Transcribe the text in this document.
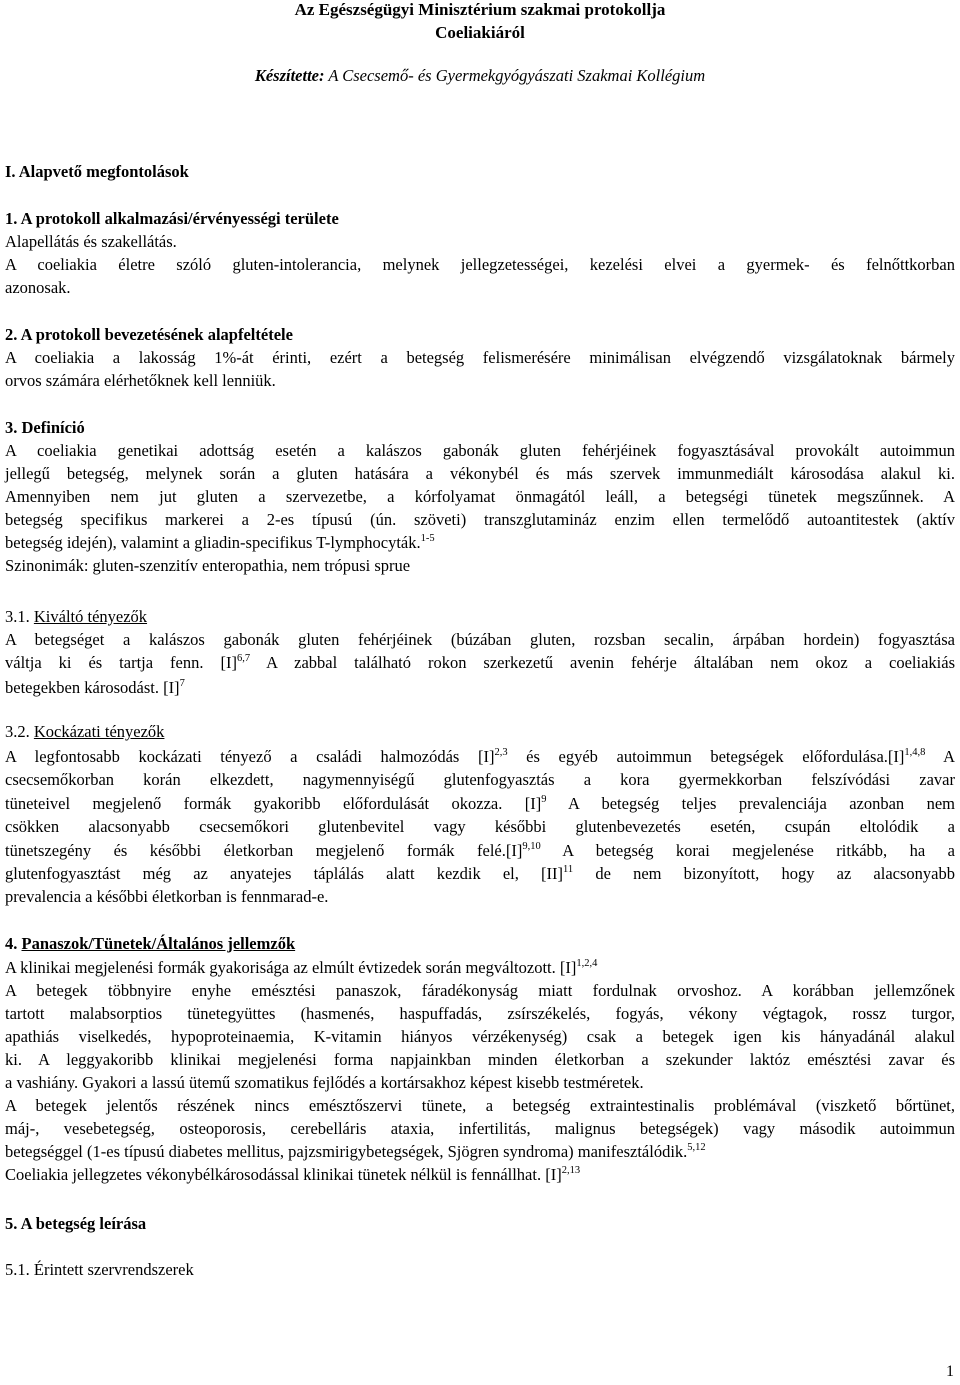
Az Egészségügyi Minisztérium szakmai protokollja
Coeliakiáról
Készítette: A Csecsemő- és Gyermekgyógyászati Szakmai Kollégium
I. Alapvető megfontolások
1. A protokoll alkalmazási/érvényességi területe
Alapellátás és szakellátás.
A coeliakia életre szóló gluten-intolerancia, melynek jellegzetességei, kezelési elvei a gyermek- és felnőttkorban
azonosak.
2. A protokoll bevezetésének alapfeltétele
A coeliakia a lakosság 1%-át érinti, ezért a betegség felismerésére minimálisan elvégzendő vizsgálatoknak bármely
orvos számára elérhetőknek kell lenniük.
3. Definíció
A coeliakia genetikai adottság esetén a kalászos gabonák gluten fehérjéinek fogyasztásával provokált autoimmun
jellegű betegség, melynek során a gluten hatására a vékonybél és más szervek immunmediált károsodása alakul ki.
Amennyiben nem jut gluten a szervezetbe, a kórfolyamat önmagától leáll, a betegségi tünetek megszűnnek. A
betegség specifikus markerei a 2-es típusú (ún. szöveti) transzglutamináz enzim ellen termelődő autoantitestek (aktív
betegség idején), valamint a gliadin-specifikus T-lymphocyták.$^{1-5}$
Szinonimák: gluten-szenzitív enteropathia, nem trópusi sprue
3.1. Kiváltó tényezők
A betegséget a kalászos gabonák gluten fehérjéinek (búzában gluten, rozsban secalin, árpában hordein) fogyasztása
váltja ki és tartja fenn. $[I]^{6,7}$ A zabbal található rokon szerkezetű avenin fehérje általában nem okoz a coeliakiás
betegekben károsodást. $[I]^7$
3.2. Kockázati tényezők
A legfontosabb kockázati tényező a családi halmozódás $[I]^{2,3}$ és egyéb autoimmun betegségek $előfordulása.[I]^{1,4,8}$ A
csecsemőkorban korán elkezdett, nagymennyiségű glutenfogyasztás a kora gyermekkorban felszívódási zavar
tüneteivel megjelenő formák gyakoribb előfordulását okozza. $[I]^9$ A betegség teljes prevalenciája azonban nem
csökken alacsonyabb csecsemőkori glutenbevitel vagy későbbi glutenbevezetés esetén, csupán eltolódik a
tünetszegény és későbbi életkorban megjelenő formák $felé.[I]^{9,10}$ A betegség korai megjelenése ritkább, ha a
glutenfogyasztást még az anyatejes táplálás alatt kezdik el, [II]$^{11}$ de nem bizonyított, hogy az alacsonyabb
prevalencia a későbbi életkorban is fennmarad-e.
4. Panaszok/Tünetek/Általános jellemzők
A klinikai megjelenési formák gyakorisága az elmúlt évtizedek során megváltozott. $[I]^{1,2,4}$
A betegek többnyire enyhe emésztési panaszok, fáradékonyság miatt fordulnak orvoshoz. A korábban jellemzőnek
tartott malabsorptios tünetegyüttes (hasmenés, haspuffadás, zsírszékelés, fogyás, vékony végtagok, rossz turgor,
apathiás viselkedés, hypoproteinaemia, K-vitamin hiányos vérzékenység) csak a betegek igen kis hányadánál alakul
ki. A leggyakoribb klinikai megjelenési forma napjainkban minden életkorban a szekunder laktóz emésztési zavar és
a vashiány. Gyakori a lassú ütemű szomatikus fejlődés a kortársakhoz képest kisebb testméretek.
A betegek jelentős részének nincs emésztőszervi tünete, a betegség extraintestinalis problémával (viszkető bőrtünet,
máj-, vesebetegség, osteoporosis, cerebelláris ataxia, infertilitás, malignus betegségek) vagy második autoimmun
betegséggel (1-es típusú diabetes mellitus, pajzsmirigybetegségek, Sjögren syndroma) manifesztálódik.$^{5,12}$
Coeliakia jellegzetes vékonybélkárosodással klinikai tünetek nélkül is fennállhat. $[I]^{2,13}$
5. A betegség leírása
5.1. Érintett szervrendszerek
1
